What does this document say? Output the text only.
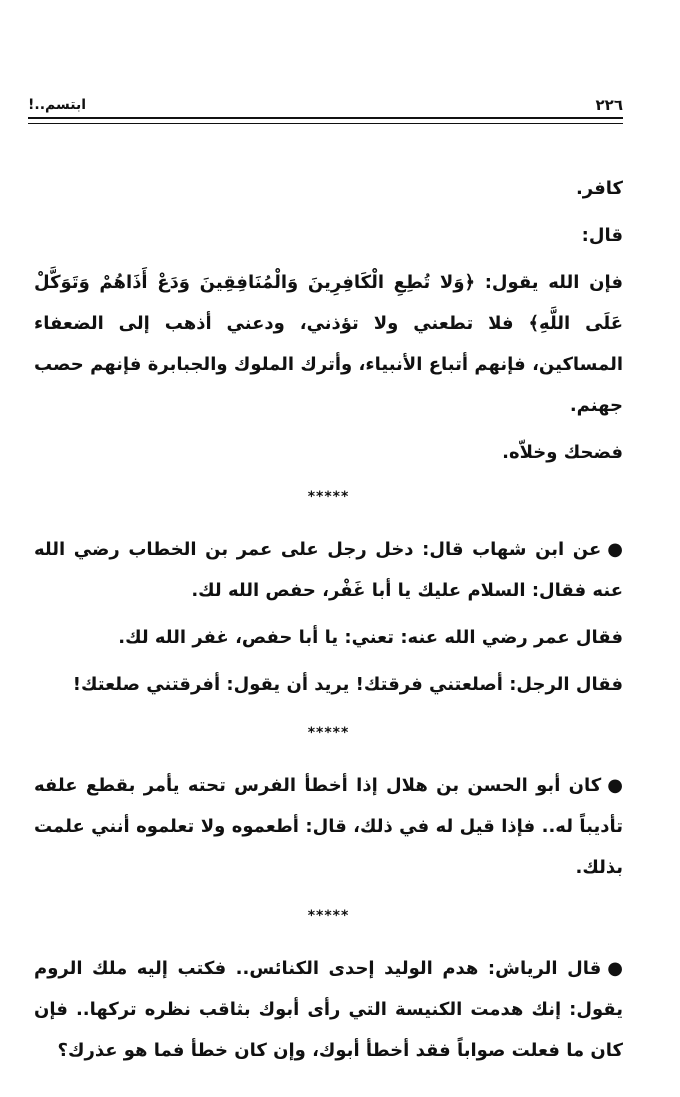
٢٢٦
ابتسم..!

كافر.

قال:

فإن الله يقول: ﴿وَلا تُطِعِ الْكَافِرِينَ وَالْمُنَافِقِينَ وَدَعْ أَذَاهُمْ وَتَوَكَّلْ عَلَى اللَّهِ﴾ فلا تطعني ولا تؤذني، ودعني أذهب إلى الضعفاء المساكين، فإنهم أتباع الأنبياء، وأترك الملوك والجبابرة فإنهم حصب جهنم.

فضحك وخلاّه.

*****

●عن ابن شهاب قال: دخل رجل على عمر بن الخطاب رضي الله عنه فقال: السلام عليك يا أبا غَفْر، حفص الله لك.

فقال عمر رضي الله عنه: تعني: يا أبا حفص، غفر الله لك.

فقال الرجل: أصلعتني فرقتك! يريد أن يقول: أفرقتني صلعتك!

*****

●كان أبو الحسن بن هلال إذا أخطأ الفرس تحته يأمر بقطع علفه تأديباً له.. فإذا قيل له في ذلك، قال: أطعموه ولا تعلموه أنني علمت بذلك.

*****

●قال الرياش: هدم الوليد إحدى الكنائس.. فكتب إليه ملك الروم يقول: إنك هدمت الكنيسة التي رأى أبوك بثاقب نظره تركها.. فإن كان ما فعلت صواباً فقد أخطأ أبوك، وإن كان خطأ فما هو عذرك؟
